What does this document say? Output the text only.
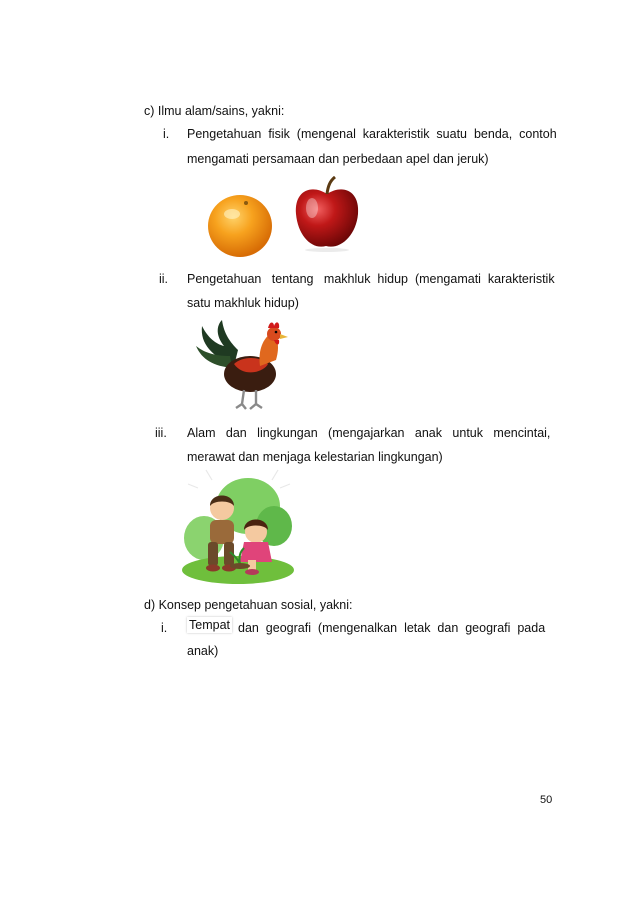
c) Ilmu alam/sains, yakni:
i. Pengetahuan  fisik  (mengenal  karakteristik  suatu  benda,  contoh
mengamati persamaan dan perbedaan apel dan jeruk)
ii. Pengetahuan   tentang   makhluk  hidup  (mengamati  karakteristik
satu makhluk hidup)
iii. Alam   dan   lingkungan   (mengajarkan   anak   untuk   mencintai,
merawat dan menjaga kelestarian lingkungan)
d) Konsep pengetahuan sosial, yakni:
i. Tempat dan  geografi  (mengenalkan  letak  dan  geografi  pada
anak)
50
